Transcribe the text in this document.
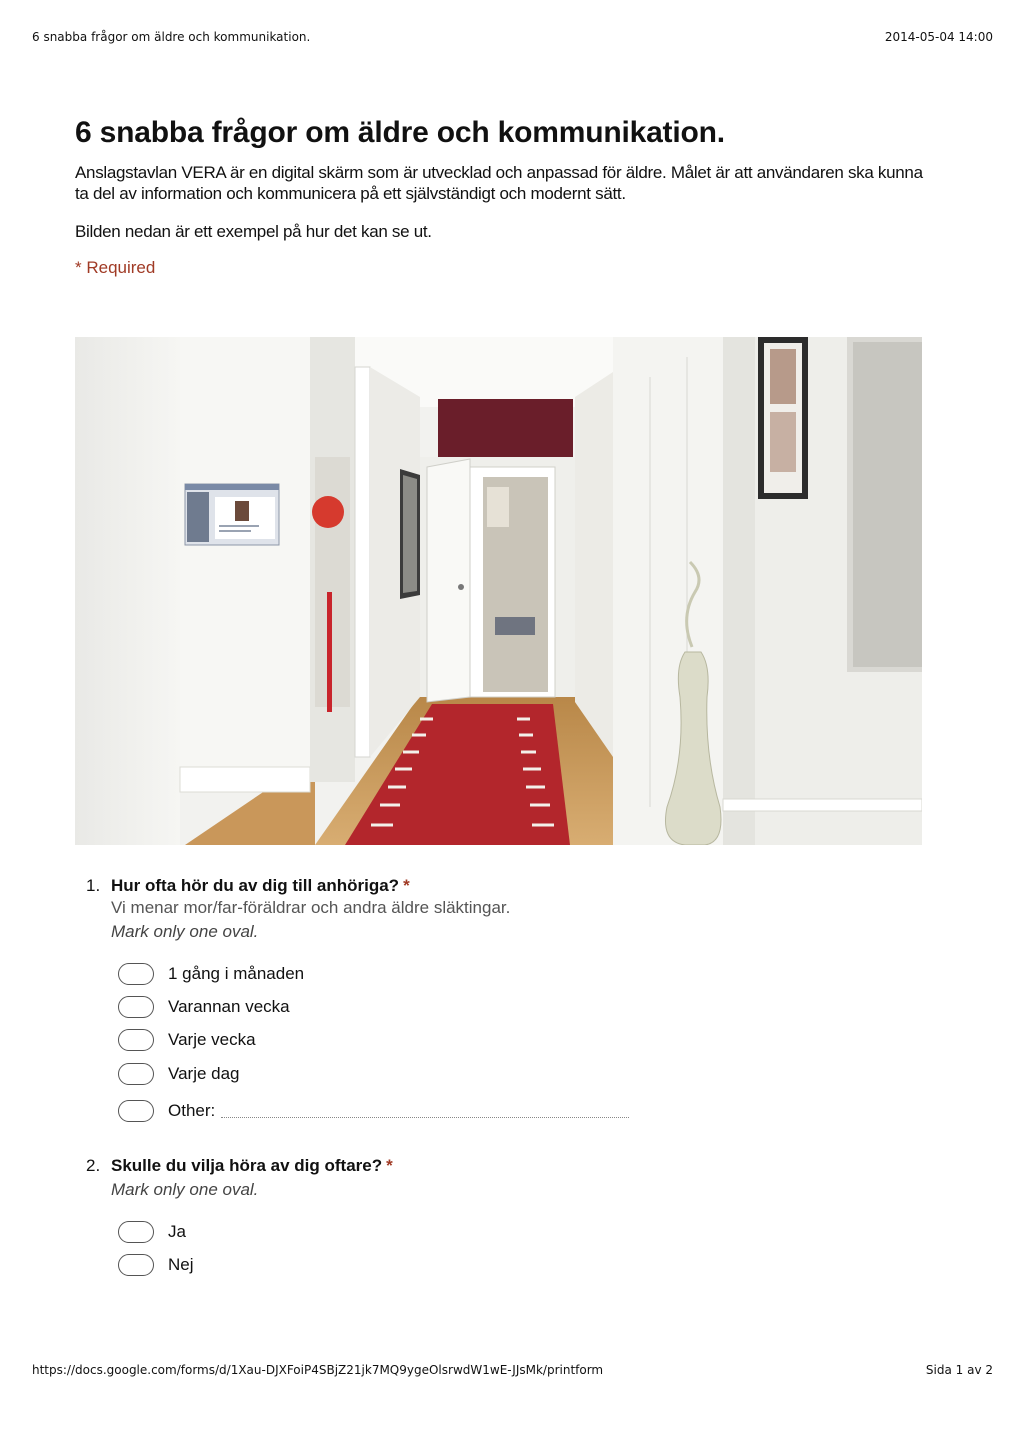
6 snabba frågor om äldre och kommunikation.	2014-05-04 14:00
6 snabba frågor om äldre och kommunikation.

Anslagstavlan VERA är en digital skärm som är utvecklad och anpassad för äldre. Målet är att användaren ska kunna ta del av information och kommunicera på ett självständigt och modernt sätt.

Bilden nedan är ett exempel på hur det kan se ut.

* Required
1. Hur ofta hör du av dig till anhöriga? *
Vi menar mor/far-föräldrar och andra äldre släktingar.
Mark only one oval.
1 gång i månaden
Varannan vecka
Varje vecka
Varje dag
Other:
2. Skulle du vilja höra av dig oftare? *
Mark only one oval.
Ja
Nej
https://docs.google.com/forms/d/1Xau-DJXFoiP4SBjZ21jk7MQ9ygeOlsrwdW1wE-JJsMk/printform	Sida 1 av 2
